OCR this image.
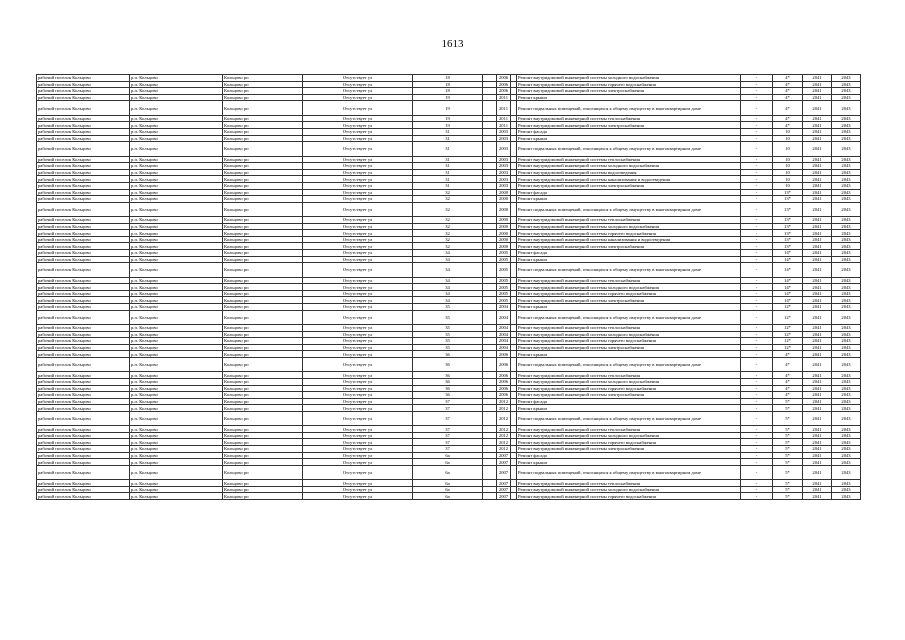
1613
рабочий поселок Кольцово	р.п. Кольцово	Кольцово рп	Отсутствует ул	18		2006		Ремонт внутридомовой инженерной системы холодного водоснабжения	-	4*	2041	2043
рабочий поселок Кольцово	р.п. Кольцово	Кольцово рп	Отсутствует ул	18		2006		Ремонт внутридомовой инженерной системы горячего водоснабжения	-	4*	2041	2043
рабочий поселок Кольцово	р.п. Кольцово	Кольцово рп	Отсутствует ул	18		2006		Ремонт внутридомовой инженерной системы электроснабжения	-	4*	2041	2043
рабочий поселок Кольцово	р.п. Кольцово	Кольцово рп	Отсутствует ул	19		2011		Ремонт крыши	-	4*	2041	2043
рабочий поселок Кольцово	р.п. Кольцово	Кольцово рп	Отсутствует ул	19		2011		Ремонт подвальных помещений, относящихся к общему имуществу в многоквартирном доме	-	4*	2041	2043
рабочий поселок Кольцово	р.п. Кольцово	Кольцово рп	Отсутствует ул	19		2011		Ремонт внутридомовой инженерной системы теплоснабжения	-	4*	2041	2043
рабочий поселок Кольцово	р.п. Кольцово	Кольцово рп	Отсутствует ул	19		2011		Ремонт внутридомовой инженерной системы электроснабжения	-	4*	2041	2043
рабочий поселок Кольцово	р.п. Кольцово	Кольцово рп	Отсутствует ул	31		2003		Ремонт фасада	-	10	2041	2043
рабочий поселок Кольцово	р.п. Кольцово	Кольцово рп	Отсутствует ул	31		2003		Ремонт крыши	-	10	2041	2043
рабочий поселок Кольцово	р.п. Кольцово	Кольцово рп	Отсутствует ул	31		2003		Ремонт подвальных помещений, относящихся к общему имуществу в многоквартирном доме	-	10	2041	2043
рабочий поселок Кольцово	р.п. Кольцово	Кольцово рп	Отсутствует ул	31		2003		Ремонт внутридомовой инженерной системы теплоснабжения	-	10	2041	2043
рабочий поселок Кольцово	р.п. Кольцово	Кольцово рп	Отсутствует ул	31		2003		Ремонт внутридомовой инженерной системы холодного водоснабжения	-	10	2041	2043
рабочий поселок Кольцово	р.п. Кольцово	Кольцово рп	Отсутствует ул	31		2003		Ремонт внутридомовой инженерной системы водоотведения	-	10	2041	2043
рабочий поселок Кольцово	р.п. Кольцово	Кольцово рп	Отсутствует ул	31		2003		Ремонт внутридомовой инженерной системы канализования и водоотведения	-	10	2041	2043
рабочий поселок Кольцово	р.п. Кольцово	Кольцово рп	Отсутствует ул	31		2003		Ремонт внутридомовой инженерной системы электроснабжения	-	10	2041	2043
рабочий поселок Кольцово	р.п. Кольцово	Кольцово рп	Отсутствует ул	32		2000		Ремонт фасада	-	13*	2041	2043
рабочий поселок Кольцово	р.п. Кольцово	Кольцово рп	Отсутствует ул	32		2000		Ремонт крыши	-	13*	2041	2043
рабочий поселок Кольцово	р.п. Кольцово	Кольцово рп	Отсутствует ул	32		2000		Ремонт подвальных помещений, относящихся к общему имуществу в многоквартирном доме	-	13*	2041	2043
рабочий поселок Кольцово	р.п. Кольцово	Кольцово рп	Отсутствует ул	32		2000		Ремонт внутридомовой инженерной системы теплоснабжения	-	13*	2041	2043
рабочий поселок Кольцово	р.п. Кольцово	Кольцово рп	Отсутствует ул	32		2000		Ремонт внутридомовой инженерной системы холодного водоснабжения	-	13*	2041	2043
рабочий поселок Кольцово	р.п. Кольцово	Кольцово рп	Отсутствует ул	32		2000		Ремонт внутридомовой инженерной системы горячего водоснабжения	-	13*	2041	2043
рабочий поселок Кольцово	р.п. Кольцово	Кольцово рп	Отсутствует ул	32		2000		Ремонт внутридомовой инженерной системы канализования и водоотведения	-	13*	2041	2043
рабочий поселок Кольцово	р.п. Кольцово	Кольцово рп	Отсутствует ул	32		2000		Ремонт внутридомовой инженерной системы электроснабжения	-	13*	2041	2043
рабочий поселок Кольцово	р.п. Кольцово	Кольцово рп	Отсутствует ул	34		2005		Ремонт фасада	-	14*	2041	2043
рабочий поселок Кольцово	р.п. Кольцово	Кольцово рп	Отсутствует ул	34		2005		Ремонт крыши	-	14*	2041	2043
рабочий поселок Кольцово	р.п. Кольцово	Кольцово рп	Отсутствует ул	34		2005		Ремонт подвальных помещений, относящихся к общему имуществу в многоквартирном доме	-	14*	2041	2043
рабочий поселок Кольцово	р.п. Кольцово	Кольцово рп	Отсутствует ул	34		2005		Ремонт внутридомовой инженерной системы теплоснабжения	-	14*	2041	2043
рабочий поселок Кольцово	р.п. Кольцово	Кольцово рп	Отсутствует ул	34		2005		Ремонт внутридомовой инженерной системы холодного водоснабжения	-	14*	2041	2043
рабочий поселок Кольцово	р.п. Кольцово	Кольцово рп	Отсутствует ул	34		2005		Ремонт внутридомовой инженерной системы горячего водоснабжения	-	14*	2041	2043
рабочий поселок Кольцово	р.п. Кольцово	Кольцово рп	Отсутствует ул	34		2005		Ремонт внутридомовой инженерной системы электроснабжения	-	14*	2041	2043
рабочий поселок Кольцово	р.п. Кольцово	Кольцово рп	Отсутствует ул	35		2004		Ремонт крыши	-	12*	2041	2043
рабочий поселок Кольцово	р.п. Кольцово	Кольцово рп	Отсутствует ул	35		2004		Ремонт подвальных помещений, относящихся к общему имуществу в многоквартирном доме	-	12*	2041	2043
рабочий поселок Кольцово	р.п. Кольцово	Кольцово рп	Отсутствует ул	35		2004		Ремонт внутридомовой инженерной системы теплоснабжения	-	12*	2041	2043
рабочий поселок Кольцово	р.п. Кольцово	Кольцово рп	Отсутствует ул	35		2004		Ремонт внутридомовой инженерной системы холодного водоснабжения	-	12*	2041	2043
рабочий поселок Кольцово	р.п. Кольцово	Кольцово рп	Отсутствует ул	35		2004		Ремонт внутридомовой инженерной системы горячего водоснабжения	-	12*	2041	2043
рабочий поселок Кольцово	р.п. Кольцово	Кольцово рп	Отсутствует ул	35		2004		Ремонт внутридомовой инженерной системы электроснабжения	-	12*	2041	2043
рабочий поселок Кольцово	р.п. Кольцово	Кольцово рп	Отсутствует ул	36		2006		Ремонт крыши	-	4*	2041	2043
рабочий поселок Кольцово	р.п. Кольцово	Кольцово рп	Отсутствует ул	36		2006		Ремонт подвальных помещений, относящихся к общему имуществу в многоквартирном доме	-	4*	2041	2043
рабочий поселок Кольцово	р.п. Кольцово	Кольцово рп	Отсутствует ул	36		2006		Ремонт внутридомовой инженерной системы теплоснабжения	-	4*	2041	2043
рабочий поселок Кольцово	р.п. Кольцово	Кольцово рп	Отсутствует ул	36		2006		Ремонт внутридомовой инженерной системы холодного водоснабжения	-	4*	2041	2043
рабочий поселок Кольцово	р.п. Кольцово	Кольцово рп	Отсутствует ул	36		2006		Ремонт внутридомовой инженерной системы горячего водоснабжения	-	4*	2041	2043
рабочий поселок Кольцово	р.п. Кольцово	Кольцово рп	Отсутствует ул	36		2006		Ремонт внутридомовой инженерной системы электроснабжения	-	4*	2041	2043
рабочий поселок Кольцово	р.п. Кольцово	Кольцово рп	Отсутствует ул	37		2012		Ремонт фасада	-	5*	2041	2043
рабочий поселок Кольцово	р.п. Кольцово	Кольцово рп	Отсутствует ул	37		2012		Ремонт крыши	-	5*	2041	2043
рабочий поселок Кольцово	р.п. Кольцово	Кольцово рп	Отсутствует ул	37		2012		Ремонт подвальных помещений, относящихся к общему имуществу в многоквартирном доме	-	5*	2041	2043
рабочий поселок Кольцово	р.п. Кольцово	Кольцово рп	Отсутствует ул	37		2012		Ремонт внутридомовой инженерной системы теплоснабжения	-	5*	2041	2043
рабочий поселок Кольцово	р.п. Кольцово	Кольцово рп	Отсутствует ул	37		2012		Ремонт внутридомовой инженерной системы холодного водоснабжения	-	5*	2041	2043
рабочий поселок Кольцово	р.п. Кольцово	Кольцово рп	Отсутствует ул	37		2012		Ремонт внутридомовой инженерной системы горячего водоснабжения	-	5*	2041	2043
рабочий поселок Кольцово	р.п. Кольцово	Кольцово рп	Отсутствует ул	37		2012		Ремонт внутридомовой инженерной системы электроснабжения	-	5*	2041	2043
рабочий поселок Кольцово	р.п. Кольцово	Кольцово рп	Отсутствует ул	6а		2007		Ремонт фасада	-	5*	2041	2043
рабочий поселок Кольцово	р.п. Кольцово	Кольцово рп	Отсутствует ул	6а		2007		Ремонт крыши	-	5*	2041	2043
рабочий поселок Кольцово	р.п. Кольцово	Кольцово рп	Отсутствует ул	6а		2007		Ремонт подвальных помещений, относящихся к общему имуществу в многоквартирном доме	-	5*	2041	2043
рабочий поселок Кольцово	р.п. Кольцово	Кольцово рп	Отсутствует ул	6а		2007		Ремонт внутридомовой инженерной системы теплоснабжения	-	5*	2041	2043
рабочий поселок Кольцово	р.п. Кольцово	Кольцово рп	Отсутствует ул	6а		2007		Ремонт внутридомовой инженерной системы холодного водоснабжения	-	5*	2041	2043
рабочий поселок Кольцово	р.п. Кольцово	Кольцово рп	Отсутствует ул	6а		2007		Ремонт внутридомовой инженерной системы горячего водоснабжения	-	5*	2041	2043
